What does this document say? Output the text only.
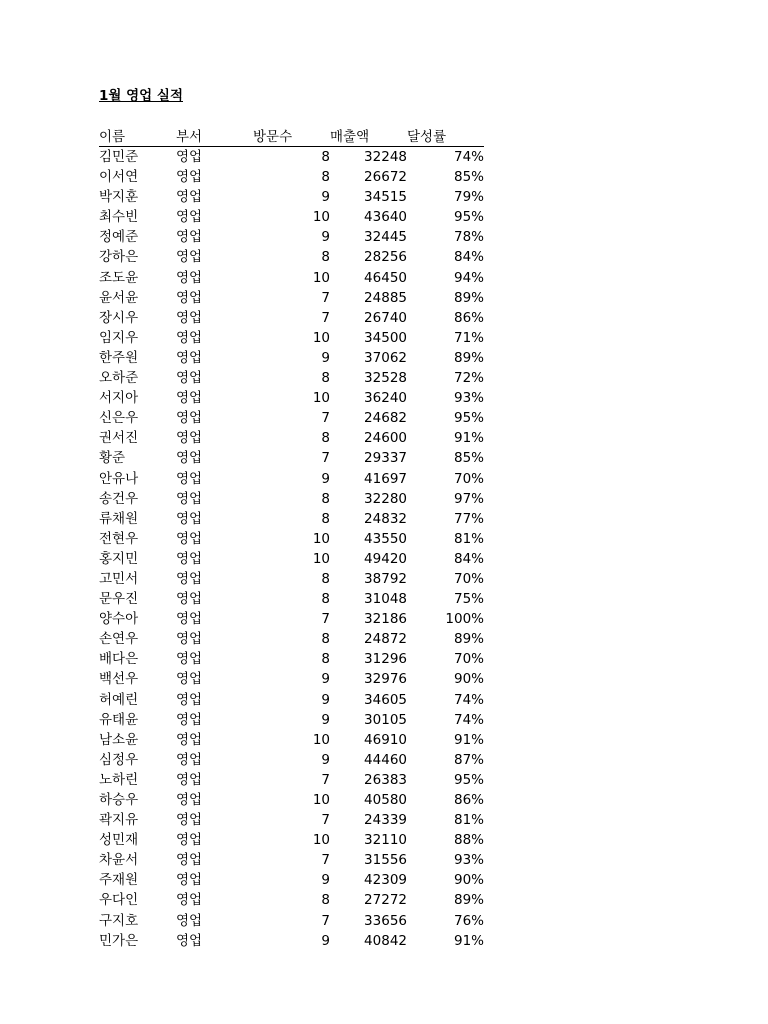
1월 영업 실적
이름	부서	방문수	매출액	달성률
김민준	영업	8	32248	74%
이서연	영업	8	26672	85%
박지훈	영업	9	34515	79%
최수빈	영업	10	43640	95%
정예준	영업	9	32445	78%
강하은	영업	8	28256	84%
조도윤	영업	10	46450	94%
윤서윤	영업	7	24885	89%
장시우	영업	7	26740	86%
임지우	영업	10	34500	71%
한주원	영업	9	37062	89%
오하준	영업	8	32528	72%
서지아	영업	10	36240	93%
신은우	영업	7	24682	95%
권서진	영업	8	24600	91%
황준	영업	7	29337	85%
안유나	영업	9	41697	70%
송건우	영업	8	32280	97%
류채원	영업	8	24832	77%
전현우	영업	10	43550	81%
홍지민	영업	10	49420	84%
고민서	영업	8	38792	70%
문우진	영업	8	31048	75%
양수아	영업	7	32186	100%
손연우	영업	8	24872	89%
배다은	영업	8	31296	70%
백선우	영업	9	32976	90%
허예린	영업	9	34605	74%
유태윤	영업	9	30105	74%
남소윤	영업	10	46910	91%
심정우	영업	9	44460	87%
노하린	영업	7	26383	95%
하승우	영업	10	40580	86%
곽지유	영업	7	24339	81%
성민재	영업	10	32110	88%
차윤서	영업	7	31556	93%
주재원	영업	9	42309	90%
우다인	영업	8	27272	89%
구지호	영업	7	33656	76%
민가은	영업	9	40842	91%
